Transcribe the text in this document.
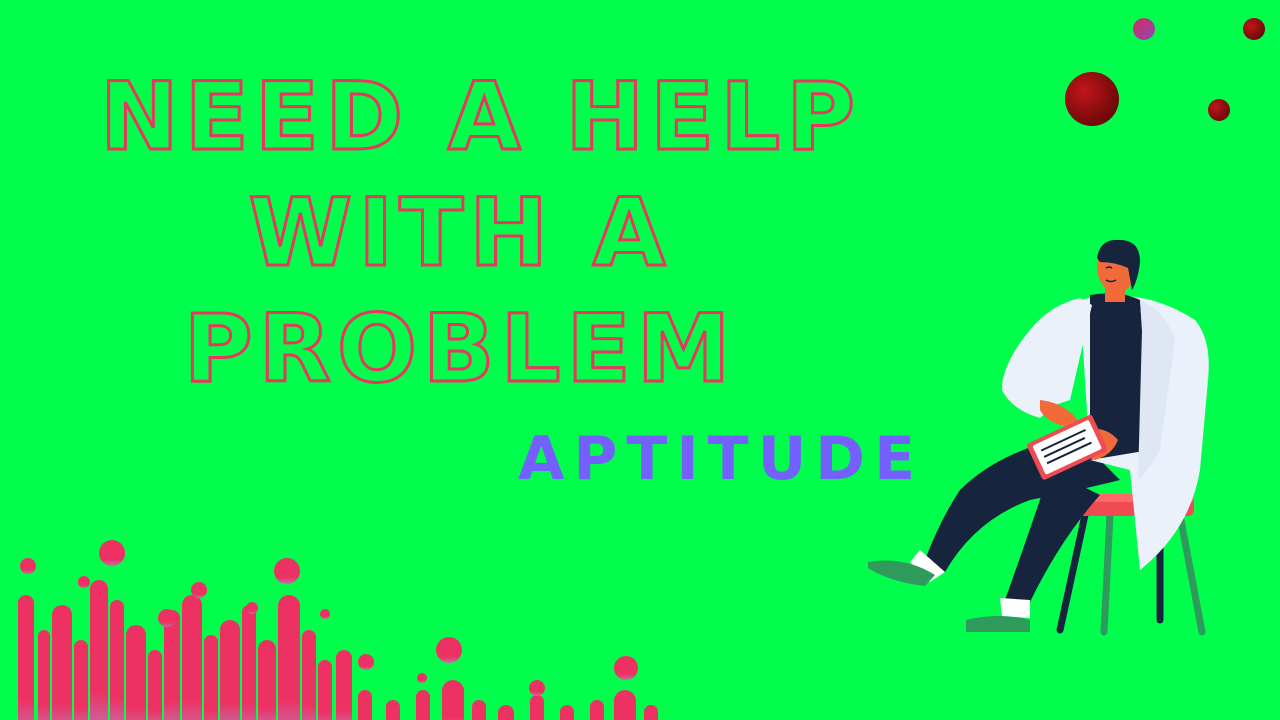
NEED A HELP
WITH A
PROBLEM
APTITUDE
